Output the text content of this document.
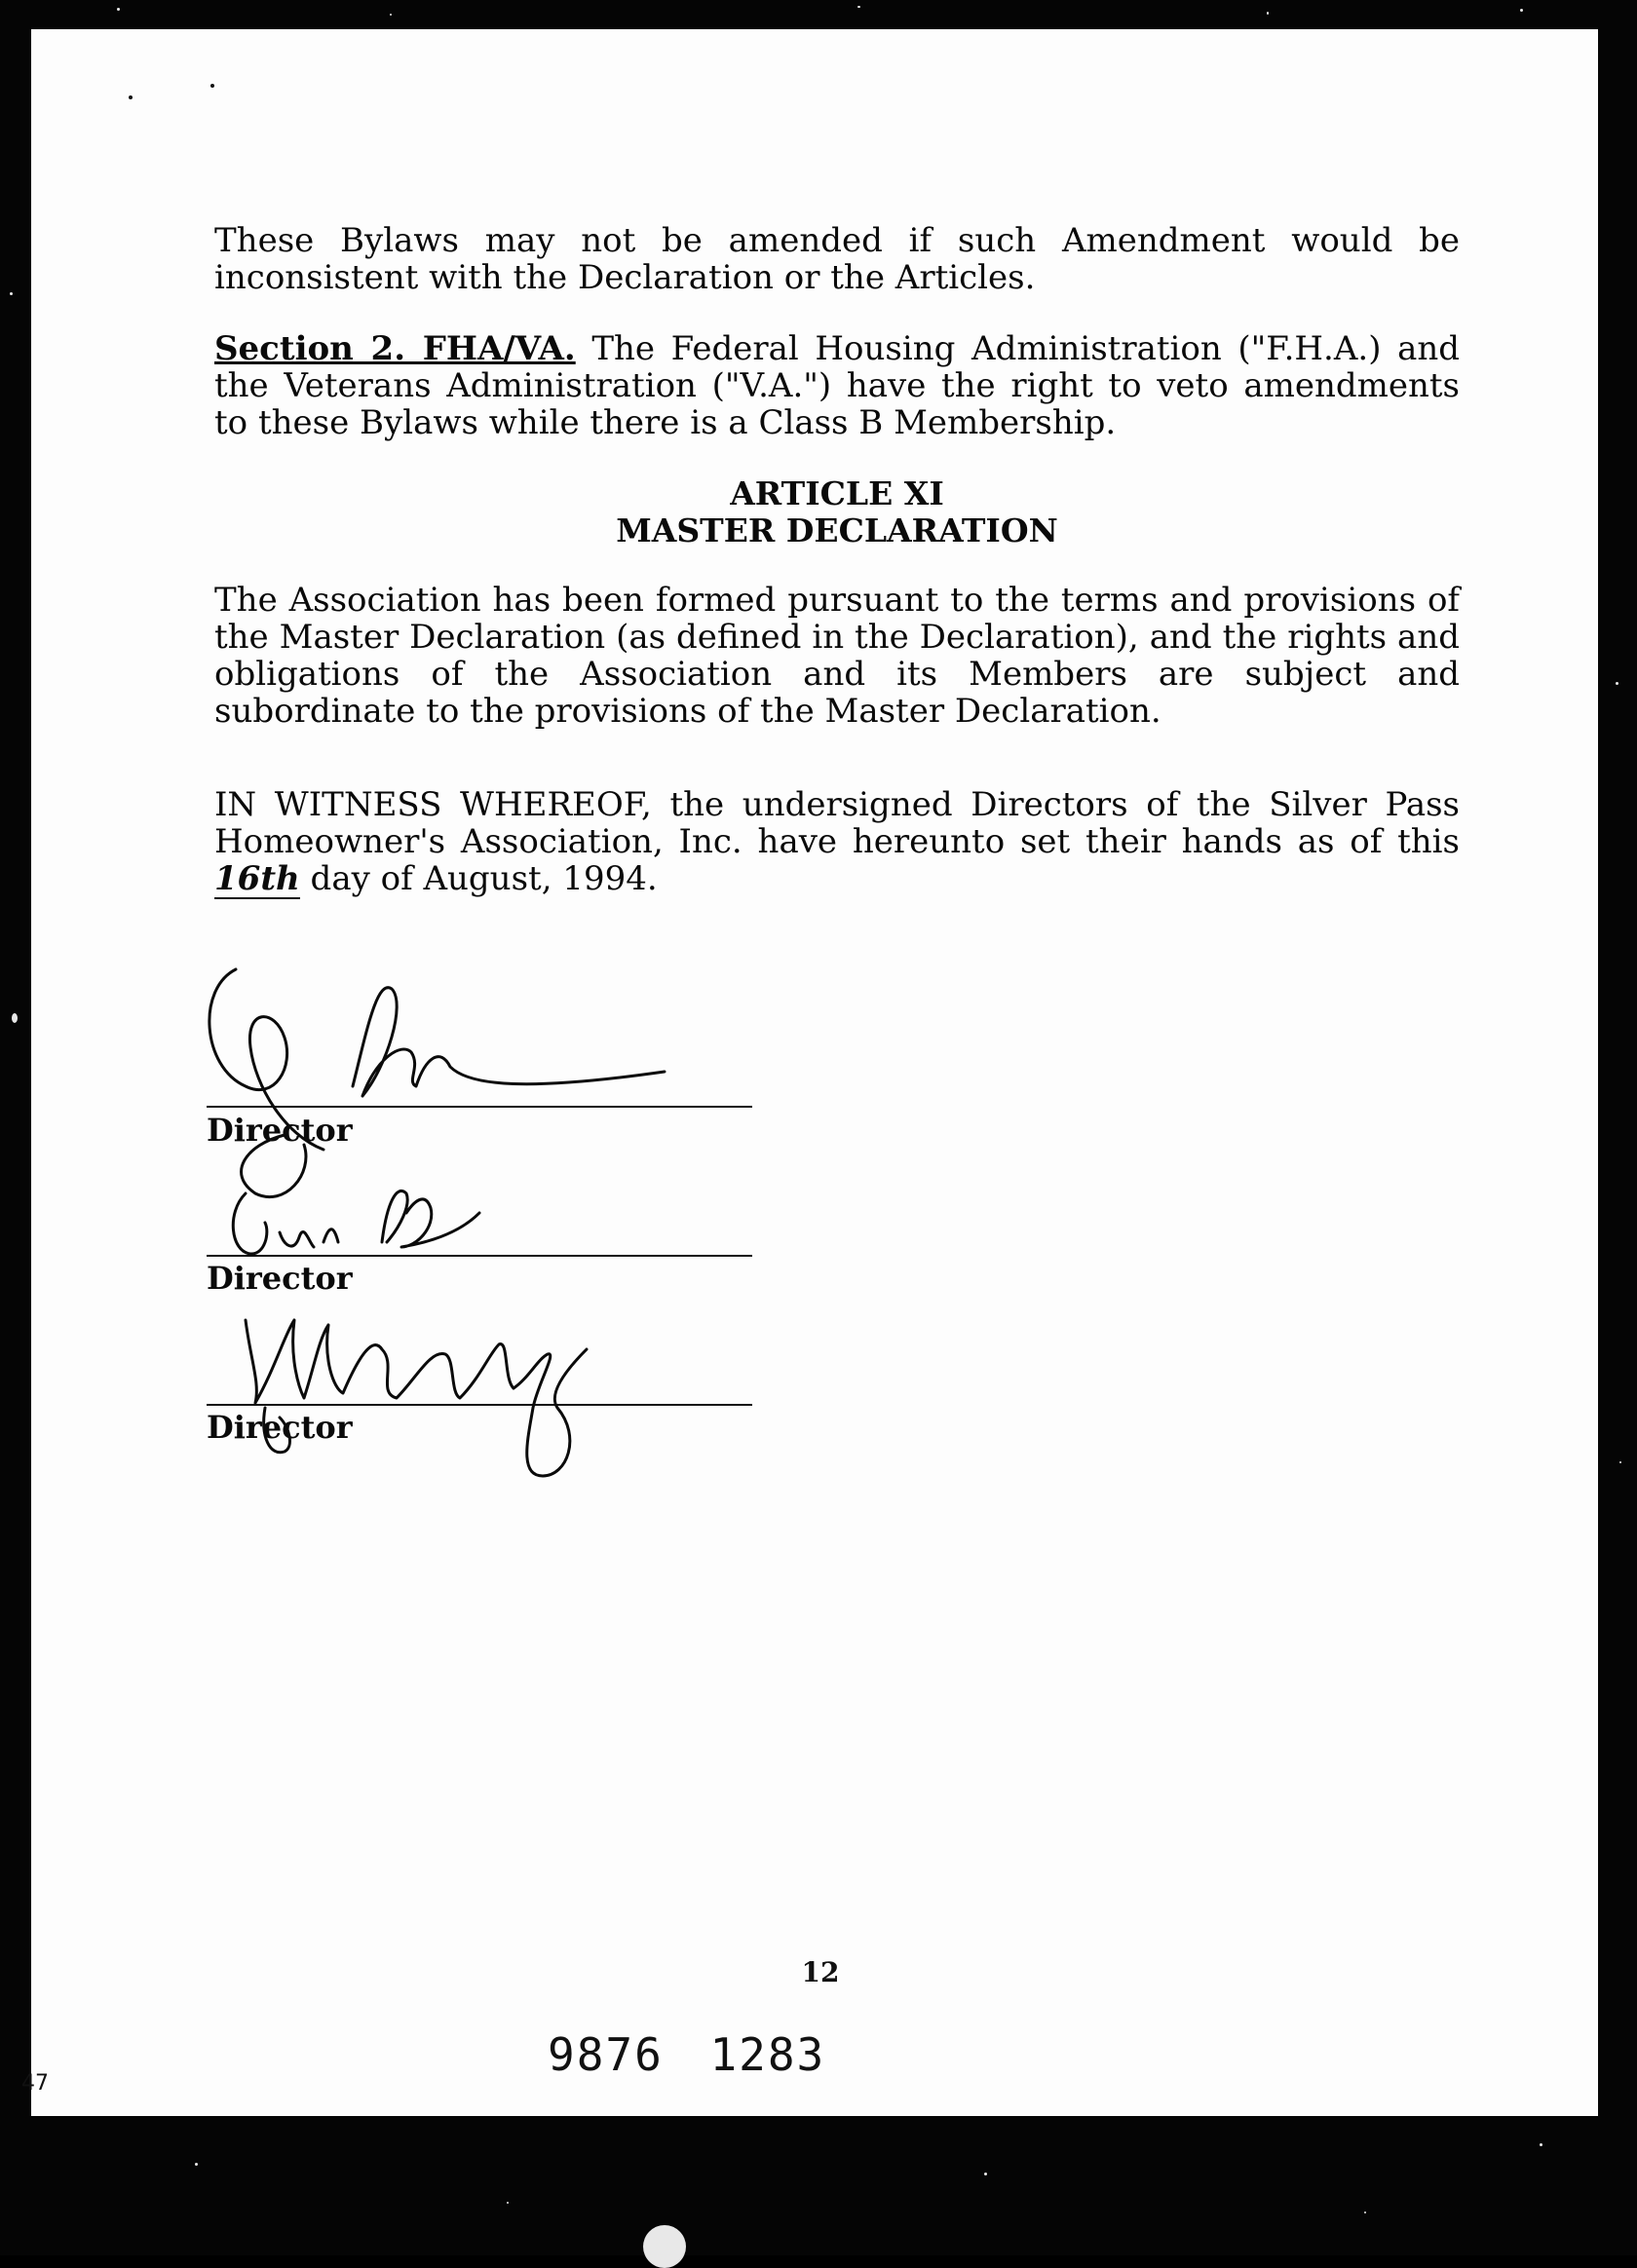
These Bylaws may not be amended if such Amendment would be inconsistent with the Declaration or the Articles.

Section 2. FHA/VA. The Federal Housing Administration ("F.H.A.) and the Veterans Administration ("V.A.") have the right to veto amendments to these Bylaws while there is a Class B Membership.

ARTICLE XI
MASTER DECLARATION

The Association has been formed pursuant to the terms and provisions of the Master Declaration (as defined in the Declaration), and the rights and obligations of the Association and its Members are subject and subordinate to the provisions of the Master Declaration.

IN WITNESS WHEREOF, the undersigned Directors of the Silver Pass Homeowner's Association, Inc. have hereunto set their hands as of this 16th day of August, 1994.

Director
Director
Director
12
9876 1283
47
